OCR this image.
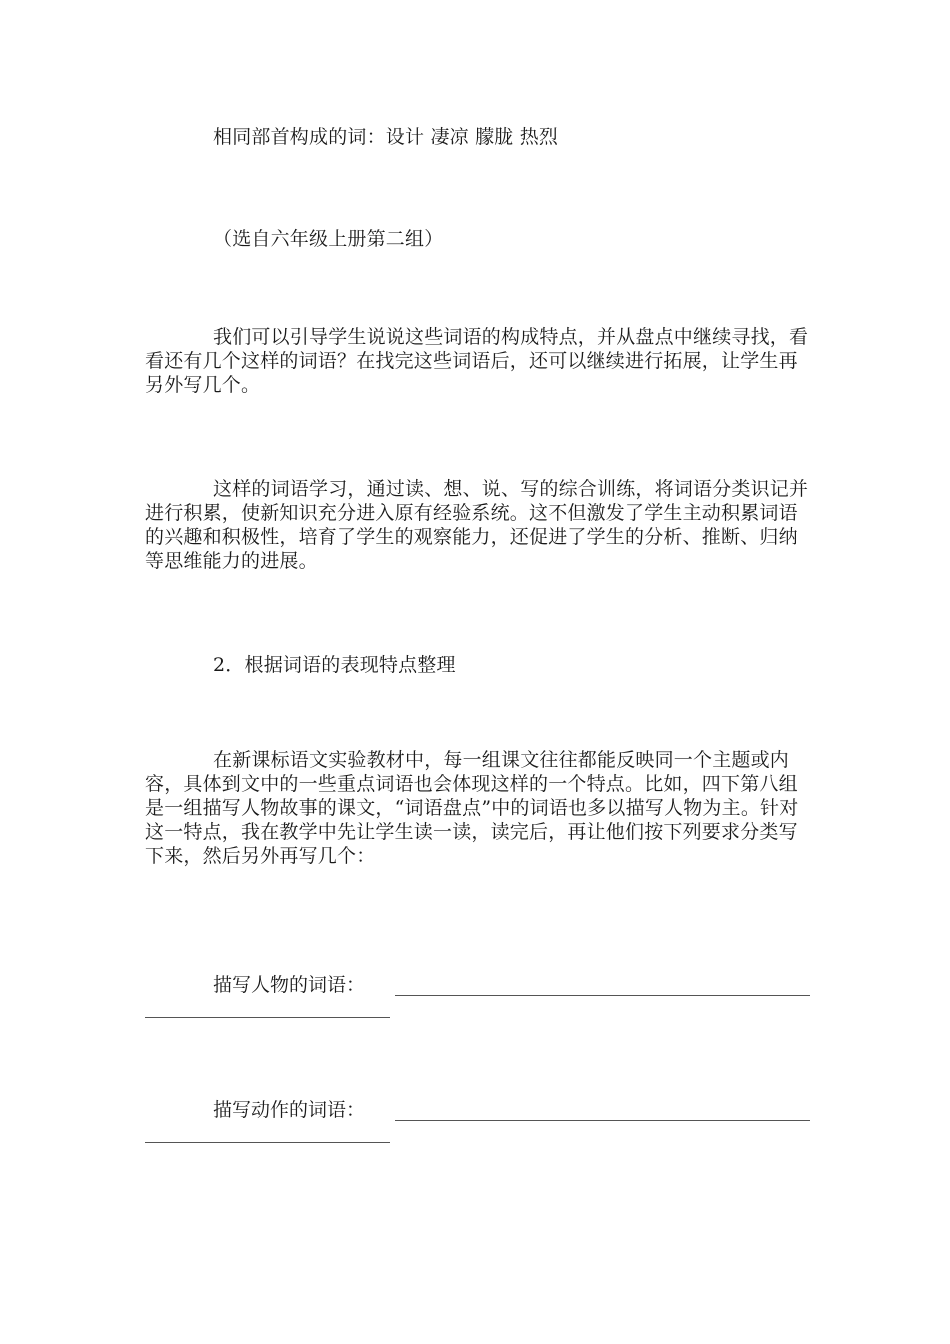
相同部首构成的词：设计 凄凉 朦胧 热烈

（选自六年级上册第二组）

我们可以引导学生说说这些词语的构成特点，并从盘点中继续寻找，看看还有几个这样的词语？在找完这些词语后，还可以继续进行拓展，让学生再另外写几个。

这样的词语学习，通过读、想、说、写的综合训练，将词语分类识记并进行积累，使新知识充分进入原有经验系统。这不但激发了学生主动积累词语的兴趣和积极性，培育了学生的观察能力，还促进了学生的分析、推断、归纳等思维能力的进展。

2．根据词语的表现特点整理

在新课标语文实验教材中，每一组课文往往都能反映同一个主题或内容，具体到文中的一些重点词语也会体现这样的一个特点。比如，四下第八组是一组描写人物故事的课文，“词语盘点”中的词语也多以描写人物为主。针对这一特点，我在教学中先让学生读一读，读完后，再让他们按下列要求分类写下来，然后另外再写几个：

描写人物的词语：
描写动作的词语：
